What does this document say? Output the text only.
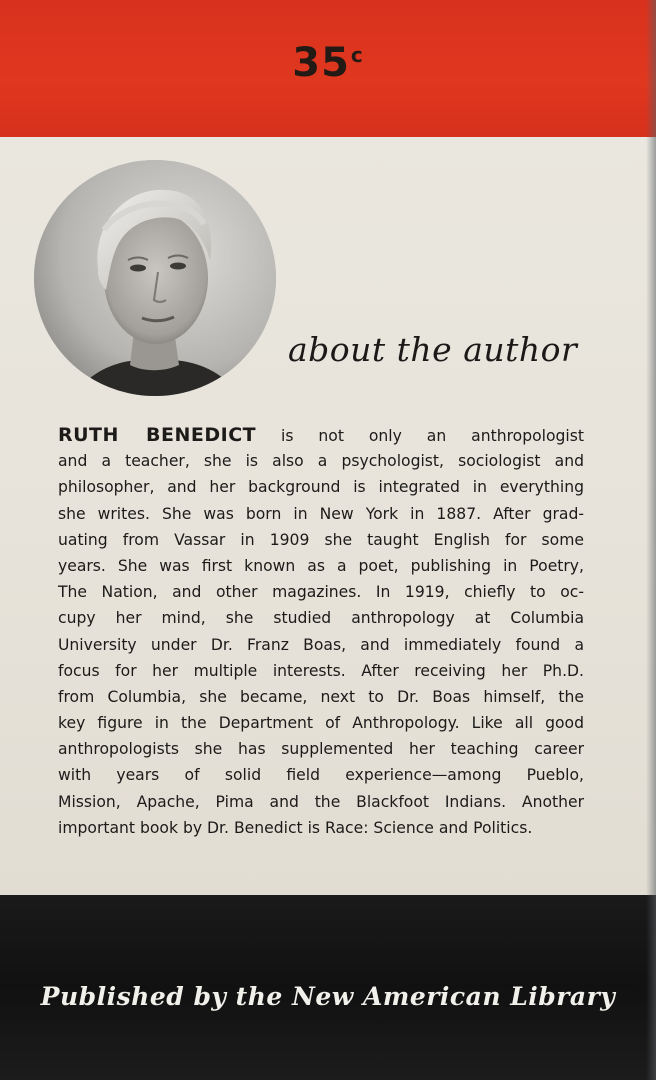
35$^c$
about the author
RUTH BENEDICT is not only an anthropologist
and a teacher, she is also a psychologist, sociologist and
philosopher, and her background is integrated in everything
she writes. She was born in New York in 1887. After grad-
uating from Vassar in 1909 she taught English for some
years. She was first known as a poet, publishing in Poetry,
The Nation, and other magazines. In 1919, chiefly to oc-
cupy her mind, she studied anthropology at Columbia
University under Dr. Franz Boas, and immediately found a
focus for her multiple interests. After receiving her Ph.D.
from Columbia, she became, next to Dr. Boas himself, the
key figure in the Department of Anthropology. Like all good
anthropologists she has supplemented her teaching career
with years of solid field experience—among Pueblo,
Mission, Apache, Pima and the Blackfoot Indians. Another
important book by Dr. Benedict is Race: Science and Politics.
Published by the New American Library
